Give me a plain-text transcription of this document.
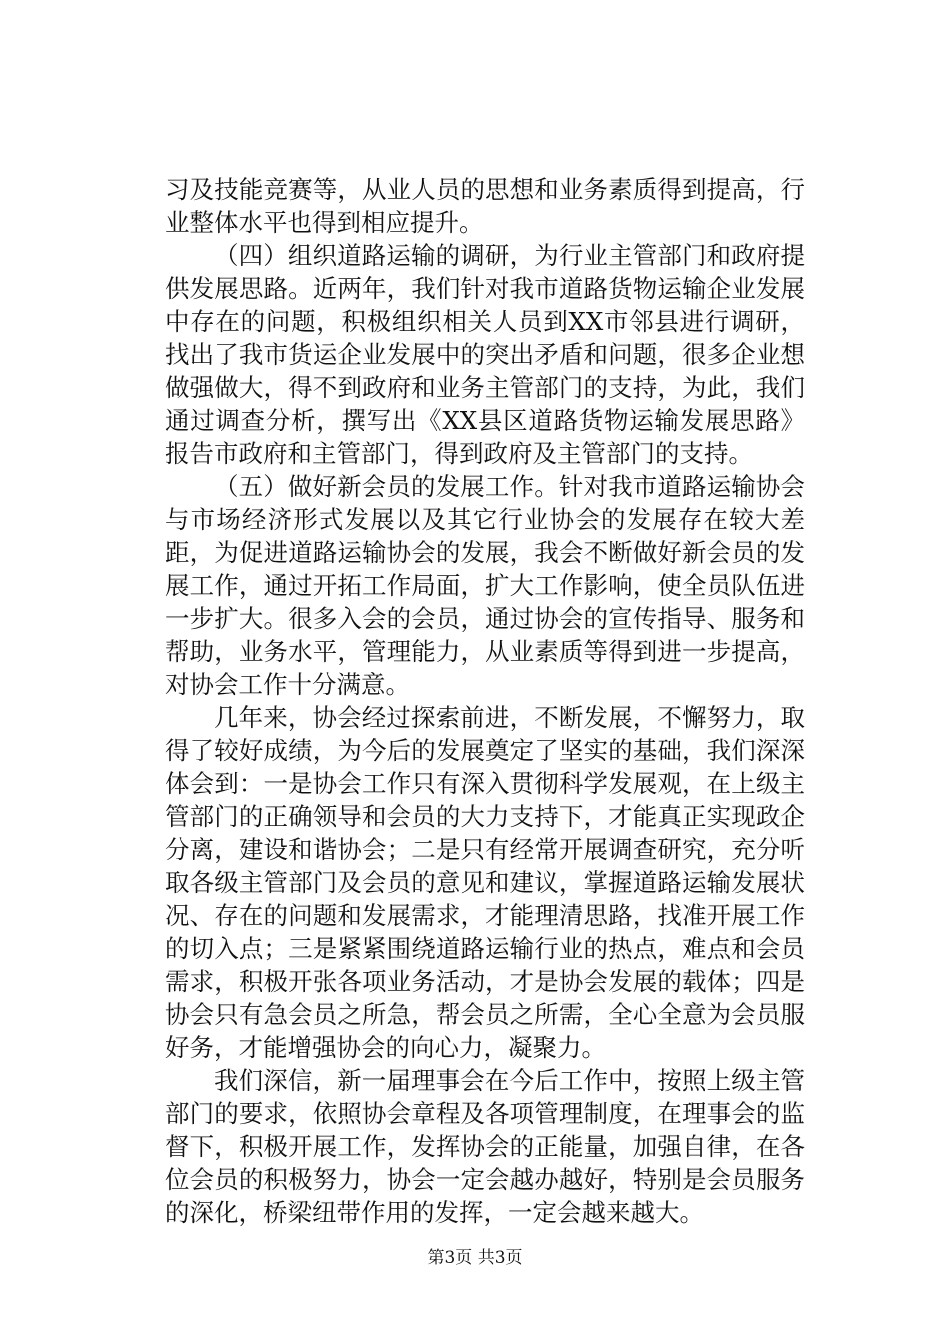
习及技能竞赛等，从业人员的思想和业务素质得到提高，行业整体水平也得到相应提升。

（四）组织道路运输的调研，为行业主管部门和政府提供发展思路。近两年，我们针对我市道路货物运输企业发展中存在的问题，积极组织相关人员到XX市邻县进行调研，找出了我市货运企业发展中的突出矛盾和问题，很多企业想做强做大，得不到政府和业务主管部门的支持，为此，我们通过调查分析，撰写出《XX县区道路货物运输发展思路》报告市政府和主管部门，得到政府及主管部门的支持。

（五）做好新会员的发展工作。针对我市道路运输协会与市场经济形式发展以及其它行业协会的发展存在较大差距，为促进道路运输协会的发展，我会不断做好新会员的发展工作，通过开拓工作局面，扩大工作影响，使全员队伍进一步扩大。很多入会的会员，通过协会的宣传指导、服务和帮助，业务水平，管理能力，从业素质等得到进一步提高，对协会工作十分满意。

几年来，协会经过探索前进，不断发展，不懈努力，取得了较好成绩，为今后的发展奠定了坚实的基础，我们深深体会到：一是协会工作只有深入贯彻科学发展观，在上级主管部门的正确领导和会员的大力支持下，才能真正实现政企分离，建设和谐协会；二是只有经常开展调查研究，充分听取各级主管部门及会员的意见和建议，掌握道路运输发展状况、存在的问题和发展需求，才能理清思路，找准开展工作的切入点；三是紧紧围绕道路运输行业的热点，难点和会员需求，积极开张各项业务活动，才是协会发展的载体；四是协会只有急会员之所急，帮会员之所需，全心全意为会员服好务，才能增强协会的向心力，凝聚力。

我们深信，新一届理事会在今后工作中，按照上级主管部门的要求，依照协会章程及各项管理制度，在理事会的监督下，积极开展工作，发挥协会的正能量，加强自律，在各位会员的积极努力，协会一定会越办越好，特别是会员服务的深化，桥梁纽带作用的发挥，一定会越来越大。

第3页 共3页
